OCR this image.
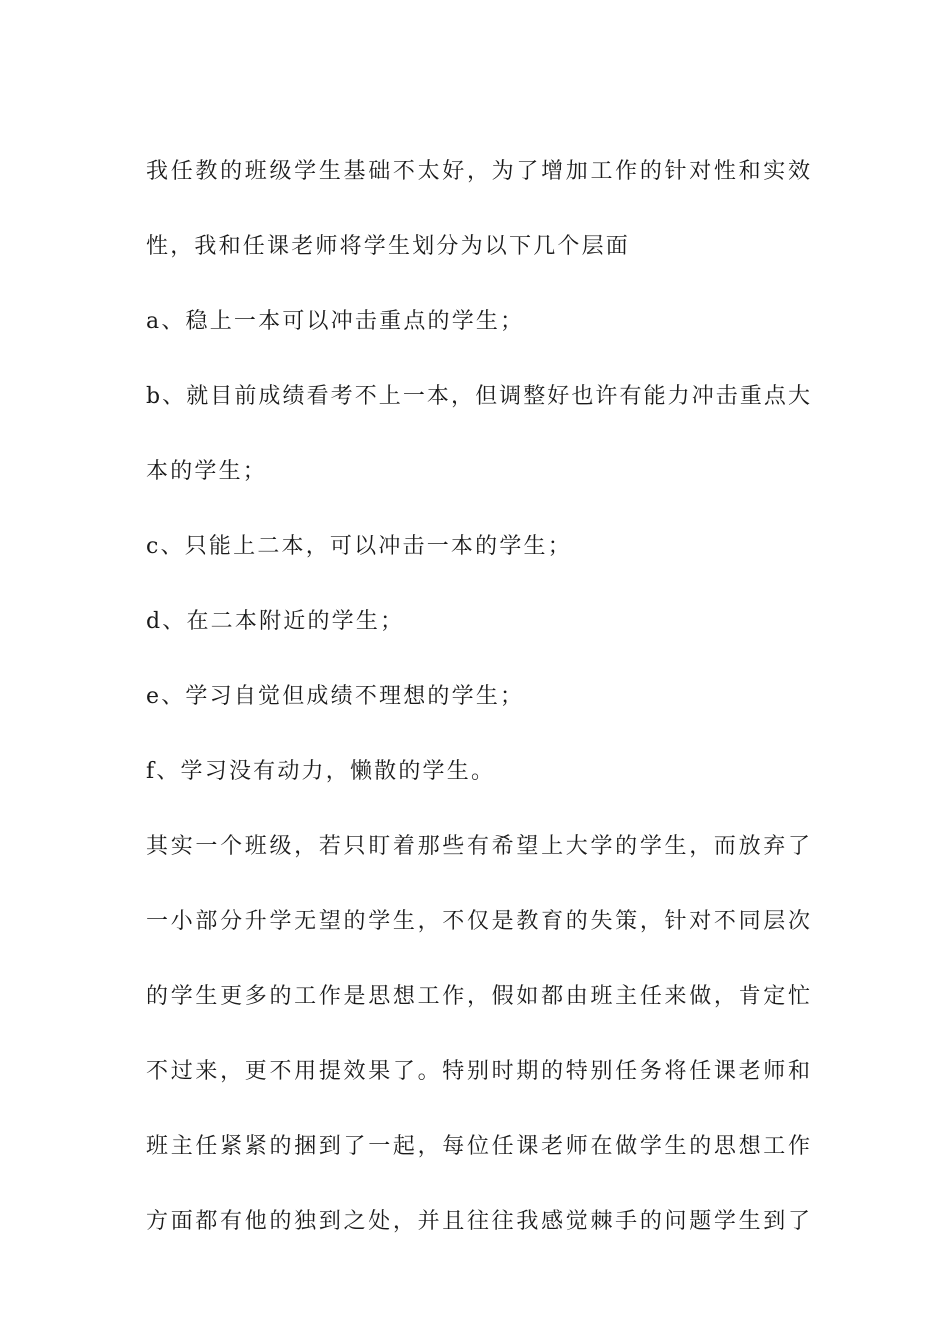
我任教的班级学生基础不太好，为了增加工作的针对性和实效

性，我和任课老师将学生划分为以下几个层面

a、稳上一本可以冲击重点的学生；

b、就目前成绩看考不上一本，但调整好也许有能力冲击重点大

本的学生；

c、只能上二本，可以冲击一本的学生；

d、在二本附近的学生；

e、学习自觉但成绩不理想的学生；

f、学习没有动力，懒散的学生。

其实一个班级，若只盯着那些有希望上大学的学生，而放弃了

一小部分升学无望的学生，不仅是教育的失策，针对不同层次

的学生更多的工作是思想工作，假如都由班主任来做，肯定忙

不过来，更不用提效果了。特别时期的特别任务将任课老师和

班主任紧紧的捆到了一起，每位任课老师在做学生的思想工作

方面都有他的独到之处，并且往往我感觉棘手的问题学生到了
